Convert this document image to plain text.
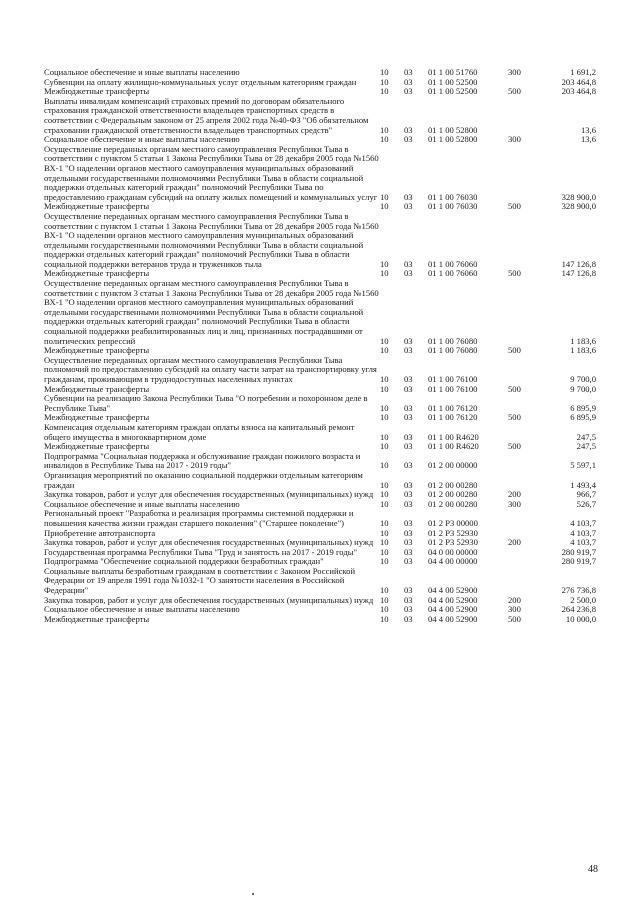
Социальное обеспечение и иные выплаты населению	10	03	01 1 00 51760	300	1 691,2
Субвенции на оплату жилищно-коммунальных услуг отдельным категориям граждан	10	03	01 1 00 52500		203 464,8
Межбюджетные трансферты	10	03	01 1 00 52500	500	203 464,8
Выплаты инвалидам компенсаций страховых премий по договорам обязательного страхования гражданской ответственности владельцев транспортных средств в соответствии с Федеральным законом от 25 апреля 2002 года №40-ФЗ "Об обязательном страховании гражданской ответственности владельцев транспортных средств"	10	03	01 1 00 52800		13,6
Социальное обеспечение и иные выплаты населению	10	03	01 1 00 52800	300	13,6
Осуществление переданных органам местного самоуправления Республики Тыва в соответствии с пунктом 5 статьи 1 Закона Республики Тыва от 28 декабря 2005 года №1560 ВХ-1 "О наделении органов местного самоуправления муниципальных образований отдельными государственными полномочиями Республики Тыва в области социальной поддержки отдельных категорий граждан" полномочий Республики Тыва по предоставлению гражданам субсидий на оплату жилых помещений и коммунальных услуг	10	03	01 1 00 76030		328 900,0
Межбюджетные трансферты	10	03	01 1 00 76030	500	328 900,0
Осуществление переданных органам местного самоуправления Республики Тыва в соответствии с пунктом 1 статьи 1 Закона Республики Тыва от 28 декабря 2005 года №1560 ВХ-1 "О наделении органов местного самоуправления муниципальных образований отдельными государственными полномочиями Республики Тыва в области социальной поддержки отдельных категорий граждан" полномочий Республики Тыва в области социальной поддержки ветеранов труда и тружеников тыла	10	03	01 1 00 76060		147 126,8
Межбюджетные трансферты	10	03	01 1 00 76060	500	147 126,8
Осуществление переданных органам местного самоуправления Республики Тыва в соответствии с пунктом 3 статьи 1 Закона Республики Тыва от 28 декабря 2005 года №1560 ВХ-1 "О наделении органов местного самоуправления муниципальных образований отдельными государственными полномочиями Республики Тыва в области социальной поддержки отдельных категорий граждан" полномочий Республики Тыва в области социальной поддержки реабилитированных лиц и лиц, признанных пострадавшими от политических репрессий	10	03	01 1 00 76080		1 183,6
Межбюджетные трансферты	10	03	01 1 00 76080	500	1 183,6
Осуществление переданных органам местного самоуправления Республики Тыва полномочий по предоставлению субсидий на оплату части затрат на транспортировку угля гражданам, проживающим в труднодоступных населенных пунктах	10	03	01 1 00 76100		9 700,0
Межбюджетные трансферты	10	03	01 1 00 76100	500	9 700,0
Субвенции на реализацию Закона Республики Тыва "О погребении и похоронном деле в Республике Тыва"	10	03	01 1 00 76120		6 895,9
Межбюджетные трансферты	10	03	01 1 00 76120	500	6 895,9
Компенсация отдельным категориям граждан оплаты взноса на капитальный ремонт общего имущества в многоквартирном доме	10	03	01 1 00 R4620		247,5
Межбюджетные трансферты	10	03	01 1 00 R4620	500	247,5
Подпрограмма "Социальная поддержка и обслуживание граждан пожилого возраста и инвалидов в Республике Тыва на 2017 - 2019 годы"	10	03	01 2 00 00000		5 597,1
Организация мероприятий по оказанию социальной поддержки отдельным категориям граждан	10	03	01 2 00 00280		1 493,4
Закупка товаров, работ и услуг для обеспечения государственных (муниципальных) нужд	10	03	01 2 00 00280	200	966,7
Социальное обеспечение и иные выплаты населению	10	03	01 2 00 00280	300	526,7
Региональный проект "Разработка и реализация программы системной поддержки и повышения качества жизни граждан старшего поколения" ("Старшее поколение")	10	03	01 2 P3 00000		4 103,7
Приобретение автотранспорта	10	03	01 2 P3 52930		4 103,7
Закупка товаров, работ и услуг для обеспечения государственных (муниципальных) нужд	10	03	01 2 P3 52930	200	4 103,7
Государственная программа Республики Тыва "Труд и занятость на 2017 - 2019 годы"	10	03	04 0 00 00000		280 919,7
Подпрограмма "Обеспечение социальной поддержки безработных граждан"	10	03	04 4 00 00000		280 919,7
Социальные выплаты безработным гражданам в соответствии с Законом Российской Федерации от 19 апреля 1991 года №1032-1 "О занятости населения в Российской Федерации"	10	03	04 4 00 52900		276 736,8
Закупка товаров, работ и услуг для обеспечения государственных (муниципальных) нужд	10	03	04 4 00 52900	200	2 500,0
Социальное обеспечение и иные выплаты населению	10	03	04 4 00 52900	300	264 236,8
Межбюджетные трансферты	10	03	04 4 00 52900	500	10 000,0
48
